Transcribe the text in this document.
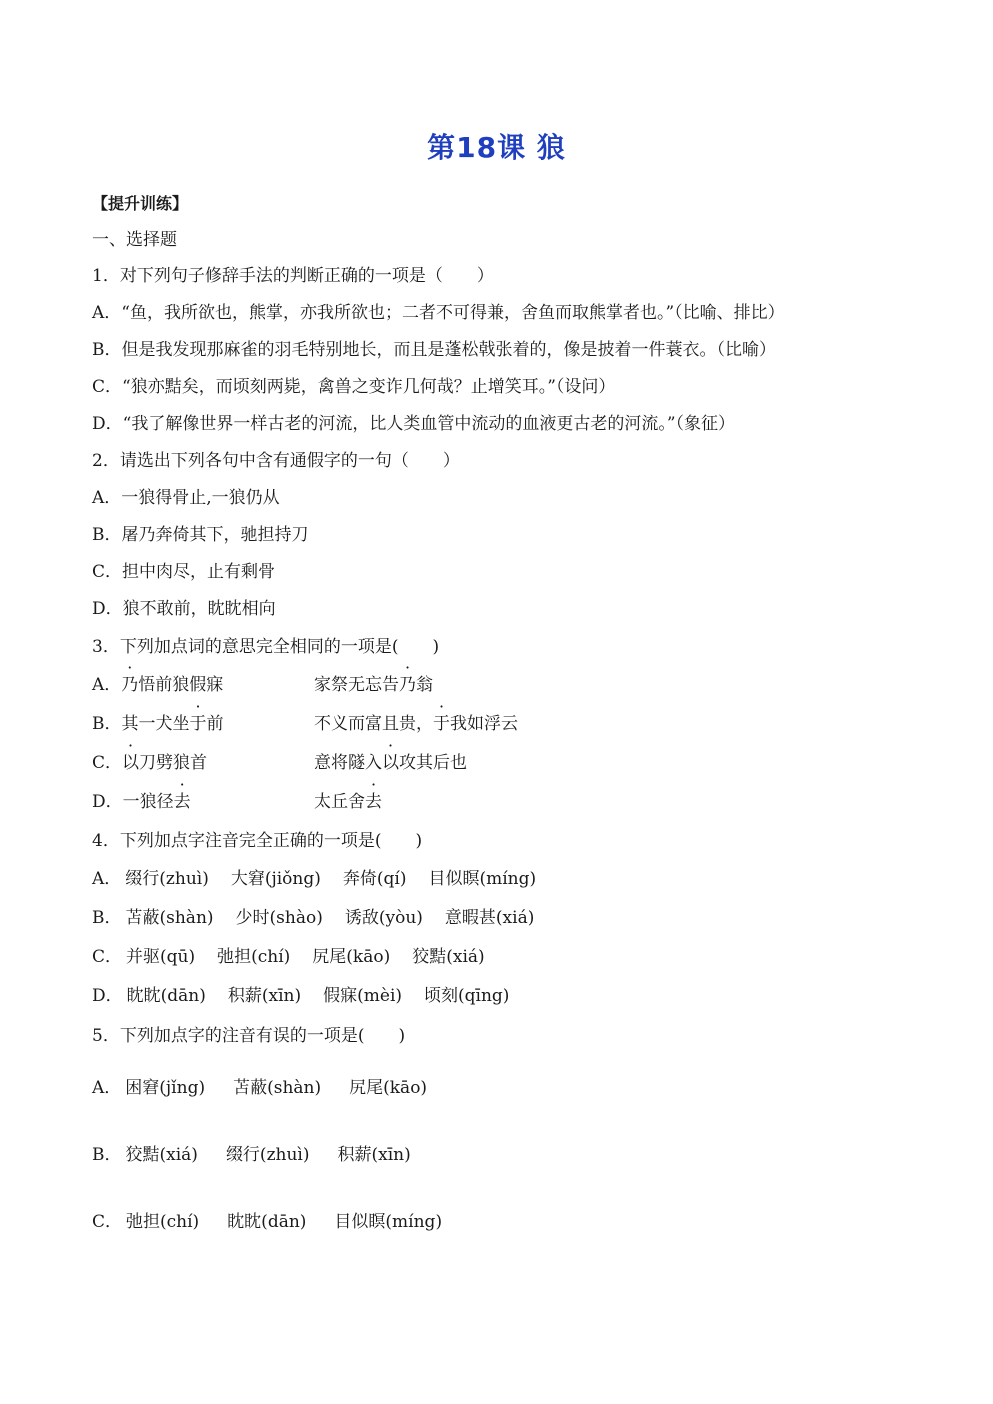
第18课 狼
【提升训练】
一、选择题
1．对下列句子修辞手法的判断正确的一项是（　　）
A．“鱼，我所欲也，熊掌，亦我所欲也；二者不可得兼，舍鱼而取熊掌者也。”（比喻、排比）
B．但是我发现那麻雀的羽毛特别地长，而且是蓬松戟张着的，像是披着一件蓑衣。（比喻）
C．“狼亦黠矣，而顷刻两毙，禽兽之变诈几何哉？止增笑耳。”（设问）
D．“我了解像世界一样古老的河流，比人类血管中流动的血液更古老的河流。”（象征）
2．请选出下列各句中含有通假字的一句（　　）
A．一狼得骨止,一狼仍从
B．屠乃奔倚其下，驰担持刀
C．担中肉尽，止有剩骨
D．狼不敢前，眈眈相向
3．下列加点词的意思完全相同的一项是(　　)
A．乃悟前狼假寐	家祭无忘告乃翁
B．其一犬坐于前	不义而富且贵，于我如浮云
C．以刀劈狼首	意将隧入以攻其后也
D．一狼径去	太丘舍去
4．下列加点字注音完全正确的一项是(　　)
A． 缀行(zhuì) 大窘(jiǒng) 奔倚(qí) 目似瞑(míng)
B． 苫蔽(shàn) 少时(shào) 诱敌(yòu) 意暇甚(xiá)
C． 并驱(qū) 弛担(chí) 尻尾(kāo) 狡黠(xiá)
D． 眈眈(dān) 积薪(xīn) 假寐(mèi) 顷刻(qīng)
5．下列加点字的注音有误的一项是(　　)
A． 困窘(jǐng) 苫蔽(shàn) 尻尾(kāo)
B． 狡黠(xiá) 缀行(zhuì) 积薪(xīn)
C． 弛担(chí) 眈眈(dān) 目似瞑(míng)
